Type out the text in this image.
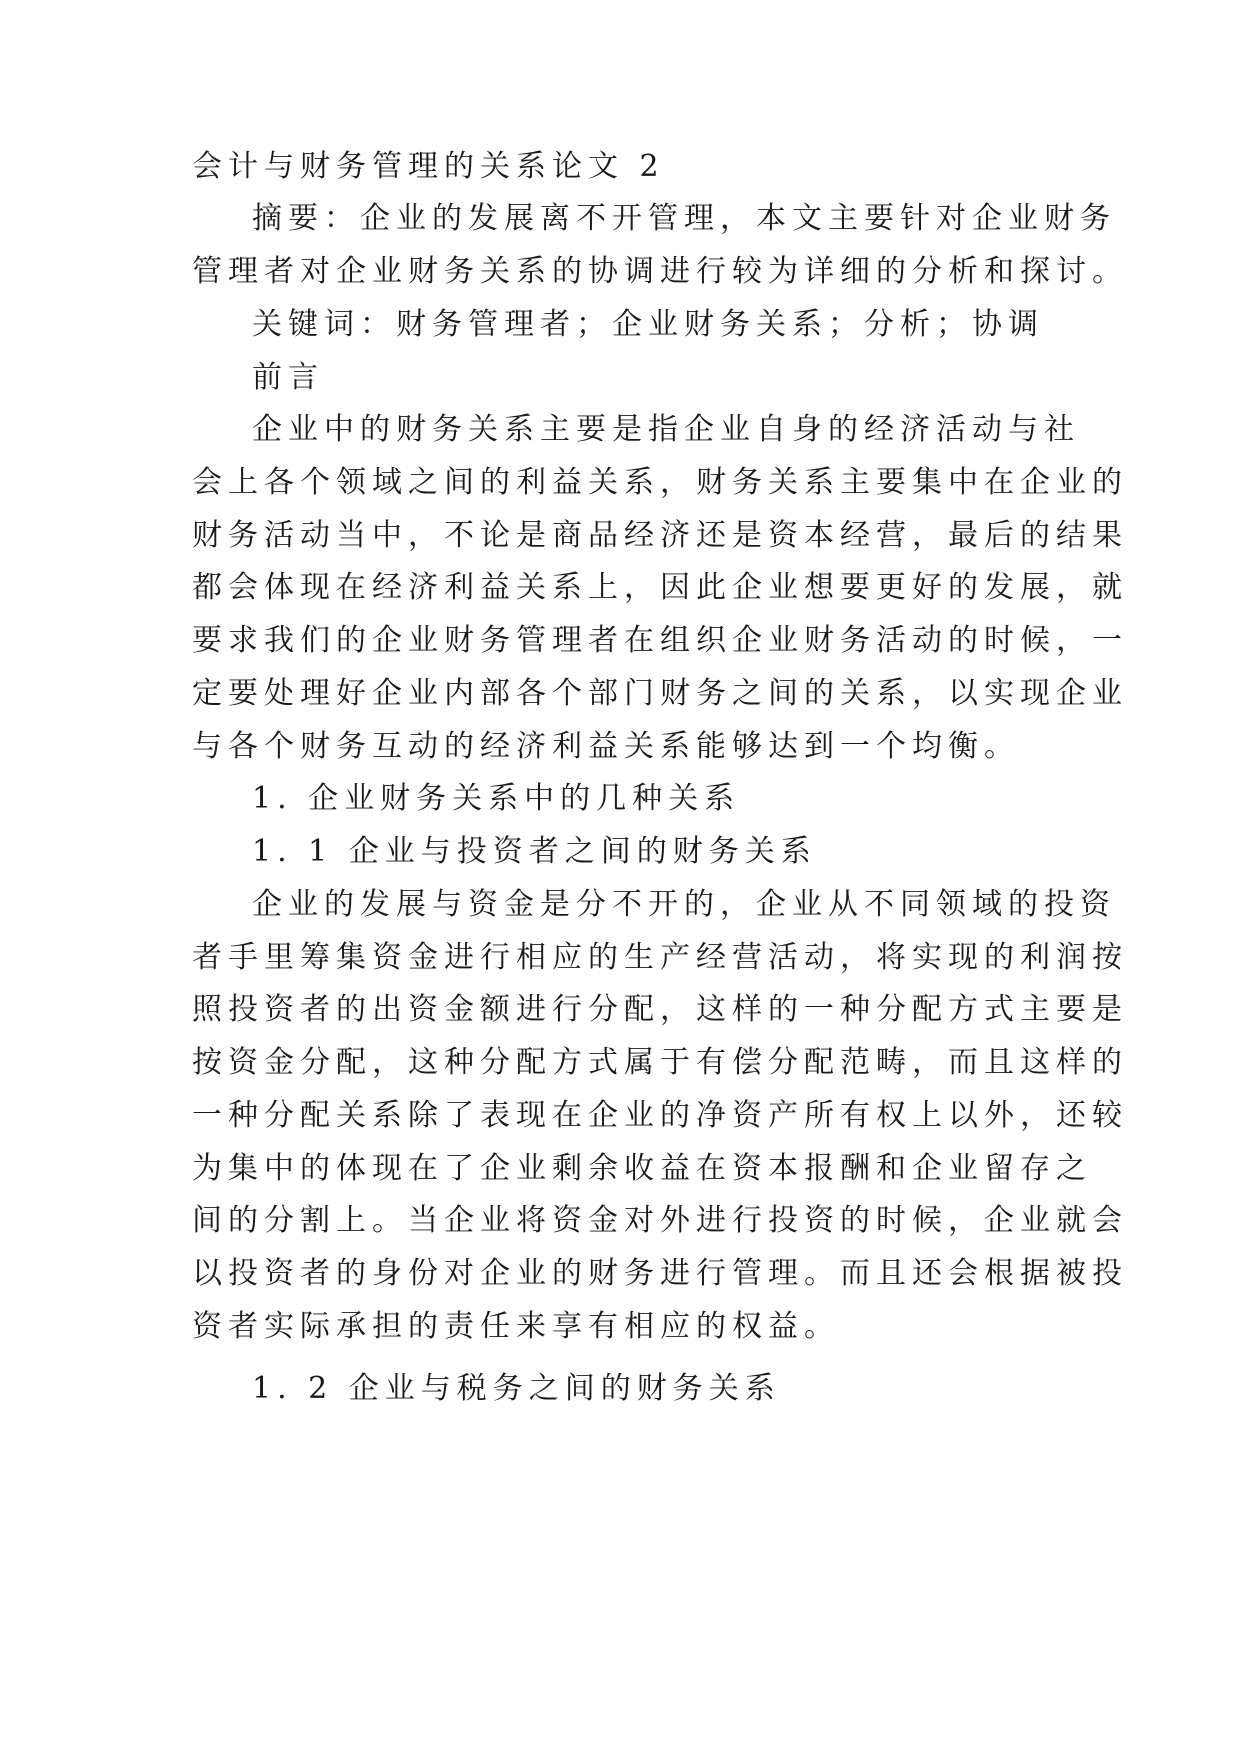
会计与财务管理的关系论文 2
摘要：企业的发展离不开管理，本文主要针对企业财务
管理者对企业财务关系的协调进行较为详细的分析和探讨。
关键词：财务管理者；企业财务关系；分析；协调
前言
企业中的财务关系主要是指企业自身的经济活动与社
会上各个领域之间的利益关系，财务关系主要集中在企业的
财务活动当中，不论是商品经济还是资本经营，最后的结果
都会体现在经济利益关系上，因此企业想要更好的发展，就
要求我们的企业财务管理者在组织企业财务活动的时候，一
定要处理好企业内部各个部门财务之间的关系，以实现企业
与各个财务互动的经济利益关系能够达到一个均衡。
1. 企业财务关系中的几种关系
1. 1 企业与投资者之间的财务关系
企业的发展与资金是分不开的，企业从不同领域的投资
者手里筹集资金进行相应的生产经营活动，将实现的利润按
照投资者的出资金额进行分配，这样的一种分配方式主要是
按资金分配，这种分配方式属于有偿分配范畴，而且这样的
一种分配关系除了表现在企业的净资产所有权上以外，还较
为集中的体现在了企业剩余收益在资本报酬和企业留存之
间的分割上。当企业将资金对外进行投资的时候，企业就会
以投资者的身份对企业的财务进行管理。而且还会根据被投
资者实际承担的责任来享有相应的权益。
1. 2 企业与税务之间的财务关系
